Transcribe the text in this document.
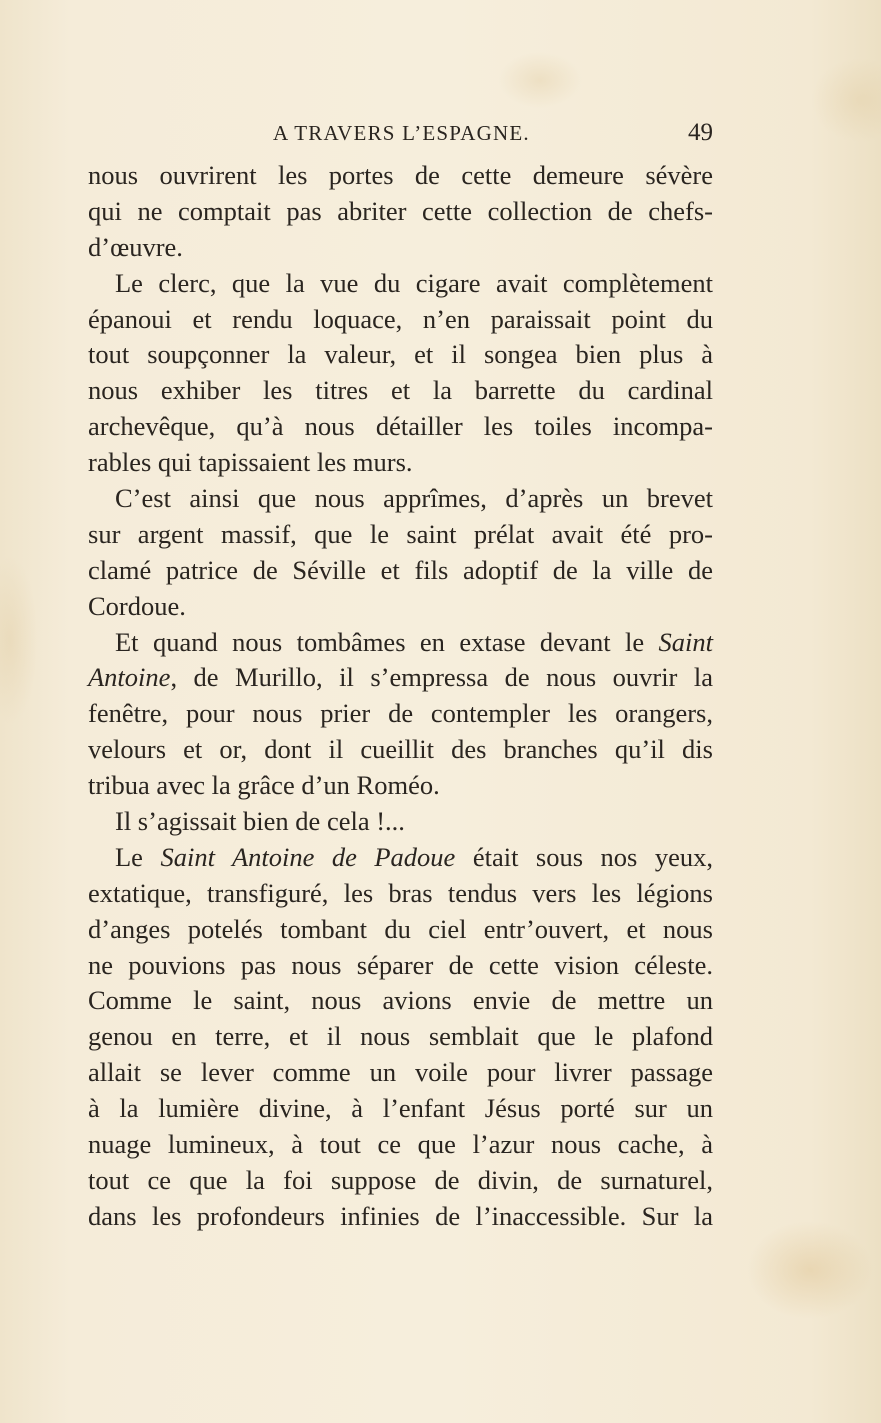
A TRAVERS L’ESPAGNE.	49
nous ouvrirent les portes de cette demeure sévère
qui ne comptait pas abriter cette collection de chefs-
d’œuvre.
Le clerc, que la vue du cigare avait complètement
épanoui et rendu loquace, n’en paraissait point du
tout soupçonner la valeur, et il songea bien plus à
nous exhiber les titres et la barrette du cardinal
archevêque, qu’à nous détailler les toiles incompa-
rables qui tapissaient les murs.
C’est ainsi que nous apprîmes, d’après un brevet
sur argent massif, que le saint prélat avait été pro-
clamé patrice de Séville et fils adoptif de la ville de
Cordoue.
Et quand nous tombâmes en extase devant le Saint
Antoine, de Murillo, il s’empressa de nous ouvrir la
fenêtre, pour nous prier de contempler les orangers,
velours et or, dont il cueillit des branches qu’il dis
tribua avec la grâce d’un Roméo.
Il s’agissait bien de cela !...
Le Saint Antoine de Padoue était sous nos yeux,
extatique, transfiguré, les bras tendus vers les légions
d’anges potelés tombant du ciel entr’ouvert, et nous
ne pouvions pas nous séparer de cette vision céleste.
Comme le saint, nous avions envie de mettre un
genou en terre, et il nous semblait que le plafond
allait se lever comme un voile pour livrer passage
à la lumière divine, à l’enfant Jésus porté sur un
nuage lumineux, à tout ce que l’azur nous cache, à
tout ce que la foi suppose de divin, de surnaturel,
dans les profondeurs infinies de l’inaccessible. Sur la
